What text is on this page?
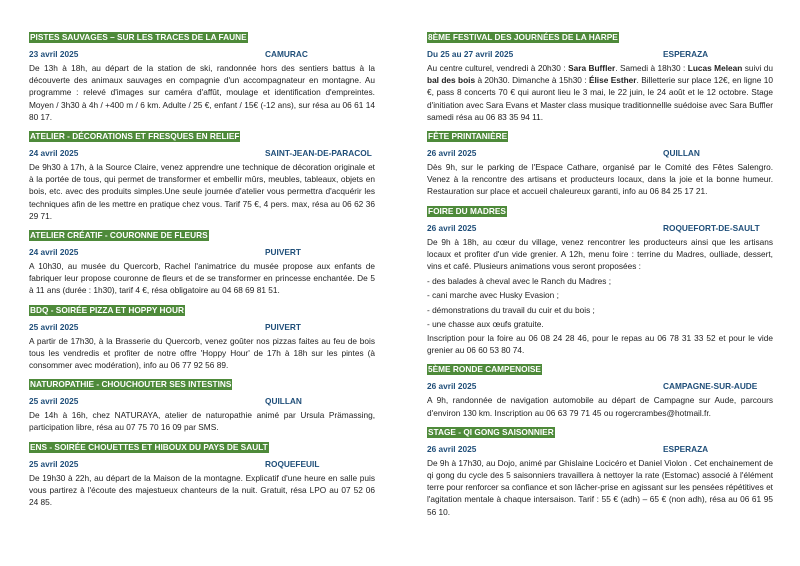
PISTES SAUVAGES – SUR LES TRACES DE LA FAUNE
23 avril 2025	CAMURAC

De 13h à 18h, au départ de la station de ski, randonnée hors des sentiers battus à la découverte des animaux sauvages en compagnie d'un accompagnateur en montagne. Au programme : relevé d'images sur caméra d'affût, moulage et identification d'empreintes. Moyen / 3h30 à 4h / +400 m / 6 km. Adulte / 25 €, enfant / 15€ (-12 ans), sur résa au 06 61 14 80 17.

ATELIER - DÉCORATIONS ET FRESQUES EN RELIEF
24 avril 2025	SAINT-JEAN-DE-PARACOL

De 9h30 à 17h, à la Source Claire, venez apprendre une technique de décoration originale et à la portée de tous, qui permet de transformer et embellir mûrs, meubles, tableaux, objets en bois, etc. avec des produits simples.Une seule journée d'atelier vous permettra d'acquérir les techniques afin de les mettre en pratique chez vous. Tarif 75 €, 4 pers. max, résa au 06 62 36 29 71.

ATELIER CRÉATIF - COURONNE DE FLEURS
24 avril 2025	PUIVERT

A 10h30, au musée du Quercorb, Rachel l'animatrice du musée propose aux enfants de fabriquer leur propose couronne de fleurs et de se transformer en princesse enchantée. De 5 à 11 ans (durée : 1h30), tarif 4 €, résa obligatoire au 04 68 69 81 51.

BDQ - SOIRÉE PIZZA ET HOPPY HOUR
25 avril 2025	PUIVERT

A partir de 17h30, à la Brasserie du Quercorb, venez goûter nos pizzas faites au feu de bois tous les vendredis et profiter de notre offre 'Hoppy Hour' de 17h à 18h sur les pintes (à consommer avec modération), info au 06 77 92 56 89.

NATUROPATHIE - CHOUCHOUTER SES INTESTINS
25 avril 2025	QUILLAN

De 14h à 16h, chez NATURAYA, atelier de naturopathie animé par Ursula Prämassing, participation libre, résa au 07 75 70 16 09 par SMS.

ENS - SOIRÉE CHOUETTES ET HIBOUX DU PAYS DE SAULT
25 avril 2025	ROQUEFEUIL

De 19h30 à 22h, au départ de la Maison de la montagne. Explicatif d'une heure en salle puis vous partirez à l'écoute des majestueux chanteurs de la nuit. Gratuit, résa LPO au 07 52 06 24 85.

8ÈME FESTIVAL DES JOURNÉES DE LA HARPE
Du 25 au 27 avril 2025	ESPERAZA

Au centre culturel, vendredi à 20h30 : Sara Buffler. Samedi à 18h30 : Lucas Melean suivi du bal des bois à 20h30. Dimanche à 15h30 : Élise Esther. Billetterie sur place 12€, en ligne 10 €, pass 8 concerts 70 € qui auront lieu le 3 mai, le 22 juin, le 24 août et le 12 octobre. Stage d'initiation avec Sara Evans et Master class musique traditionnellle suédoise avec Sara Buffler samedi résa au 06 83 35 94 11.

FÊTE PRINTANIÈRE
26 avril 2025	QUILLAN

Dès 9h, sur le parking de l'Espace Cathare, organisé par le Comité des Fêtes Salengro. Venez à la rencontre des artisans et producteurs locaux, dans la joie et la bonne humeur. Restauration sur place et accueil chaleureux garanti, info au 06 84 25 17 21.

FOIRE DU MADRES
26 avril 2025	ROQUEFORT-DE-SAULT

De 9h à 18h, au cœur du village, venez rencontrer les producteurs ainsi que les artisans locaux et profiter d'un vide grenier. A 12h, menu foire : terrine du Madres, oulliade, dessert, vins et café. Plusieurs animations vous seront proposées :

- des balades à cheval avec le Ranch du Madres ;
- cani marche avec Husky Evasion ;
- démonstrations du travail du cuir et du bois ;
- une chasse aux œufs gratuite.

Inscription pour la foire au 06 08 24 28 46, pour le repas au 06 78 31 33 52 et pour le vide grenier au 06 60 53 80 74.

5ÈME RONDE CAMPENOISE
26 avril 2025	CAMPAGNE-SUR-AUDE

A 9h, randonnée de navigation automobile au départ de Campagne sur Aude, parcours d'environ 130 km. Inscription au 06 63 79 71 45 ou rogercrambes@hotmail.fr.

STAGE - QI GONG SAISONNIER
26 avril 2025	ESPERAZA

De 9h à 17h30, au Dojo, animé par Ghislaine Locicéro et Daniel Violon . Cet enchainement de qi gong du cycle des 5 saisonniers travaillera à nettoyer la rate (Estomac) associé à l'élément terre pour renforcer sa confiance et son lâcher-prise en agissant sur les pensées répétitives et l'agitation mentale à chaque intersaison. Tarif : 55 € (adh) – 65 € (non adh), résa au 06 61 95 56 10.
